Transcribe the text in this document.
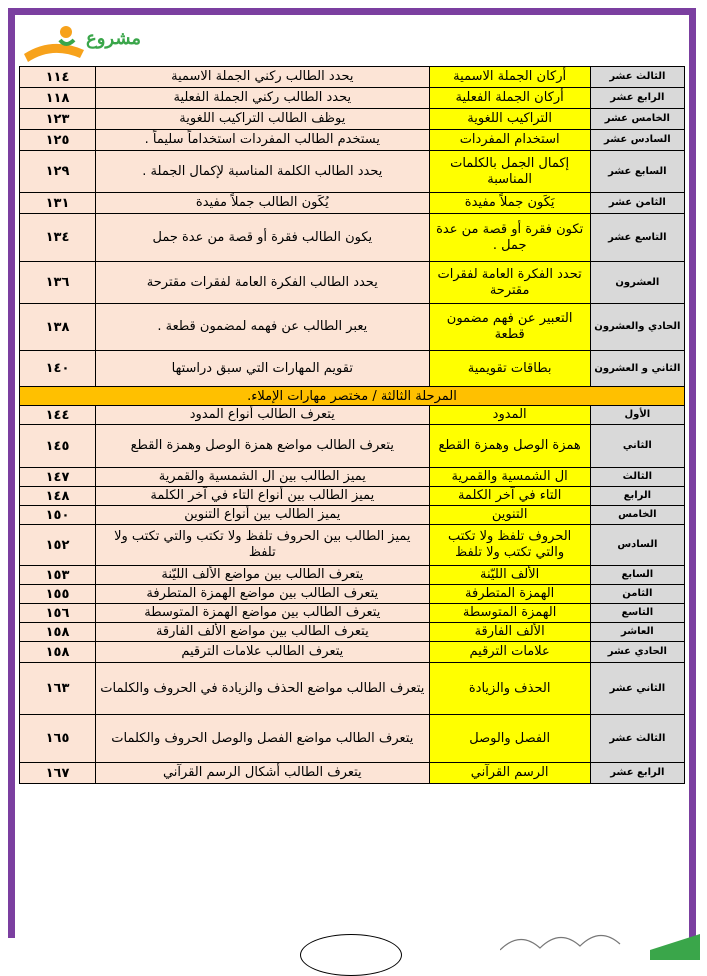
مشروع
الثالث عشر	أركان الجملة الاسمية	يحدد الطالب ركني الجملة الاسمية	١١٤
الرابع عشر	أركان الجملة الفعلية	يحدد الطالب ركني الجملة الفعلية	١١٨
الخامس عشر	التراكيب اللغوية	يوظف الطالب التراكيب اللغوية	١٢٣
السادس عشر	استخدام المفردات	يستخدم الطالب المفردات استخداماً سليماً .	١٢٥
السابع عشر	إكمال الجمل بالكلمات المناسبة	يحدد الطالب الكلمة المناسبة لإكمال الجملة .	١٢٩
الثامن عشر	يَكَون جملاً مفيدة	يُكَون الطالب جملاً مفيدة	١٣١
التاسع عشر	تكون فقرة أو قصة من عدة جمل .	يكون الطالب فقرة أو قصة من عدة جمل	١٣٤
العشرون	تحدد الفكرة العامة لفقرات مقترحة	يحدد الطالب الفكرة العامة لفقرات مقترحة	١٣٦
الحادي والعشرون	التعبير عن فهم مضمون قطعة	يعبر الطالب عن فهمه لمضمون قطعة .	١٣٨
الثاني و العشرون	بطاقات تقويمية	تقويم المهارات التي سبق دراستها	١٤٠
المرحلة الثالثة / مختصر مهارات الإملاء.			
الأول	المدود	يتعرف الطالب أنواع المدود	١٤٤
الثاني	همزة الوصل وهمزة القطع	يتعرف الطالب مواضع همزة الوصل وهمزة القطع	١٤٥
الثالث	ال الشمسية والقمرية	يميز الطالب بين ال الشمسية والقمرية	١٤٧
الرابع	التاء في آخر الكلمة	يميز الطالب بين أنواع التاء في آخر الكلمة	١٤٨
الخامس	التنوين	يميز الطالب بين أنواع التنوين	١٥٠
السادس	الحروف تلفظ ولا تكتب والتي تكتب ولا تلفظ	يميز الطالب بين الحروف تلفظ ولا تكتب والتي تكتب ولا تلفظ	١٥٢
السابع	الألف الليّنة	يتعرف الطالب بين مواضع الألف الليّنة	١٥٣
الثامن	الهمزة المتطرفة	يتعرف الطالب بين مواضع الهمزة المتطرفة	١٥٥
التاسع	الهمزة المتوسطة	يتعرف الطالب بين مواضع الهمزة المتوسطة	١٥٦
العاشر	الألف الفارقة	يتعرف الطالب بين مواضع الألف الفارقة	١٥٨
الحادي عشر	علامات الترقيم	يتعرف الطالب علامات الترقيم	١٥٨
الثاني عشر	الحذف والزيادة	يتعرف الطالب مواضع الحذف والزيادة في الحروف والكلمات	١٦٣
الثالث عشر	الفصل والوصل	يتعرف الطالب مواضع الفصل والوصل الحروف والكلمات	١٦٥
الرابع عشر	الرسم القرآني	يتعرف الطالب أشكال الرسم القرآني	١٦٧
